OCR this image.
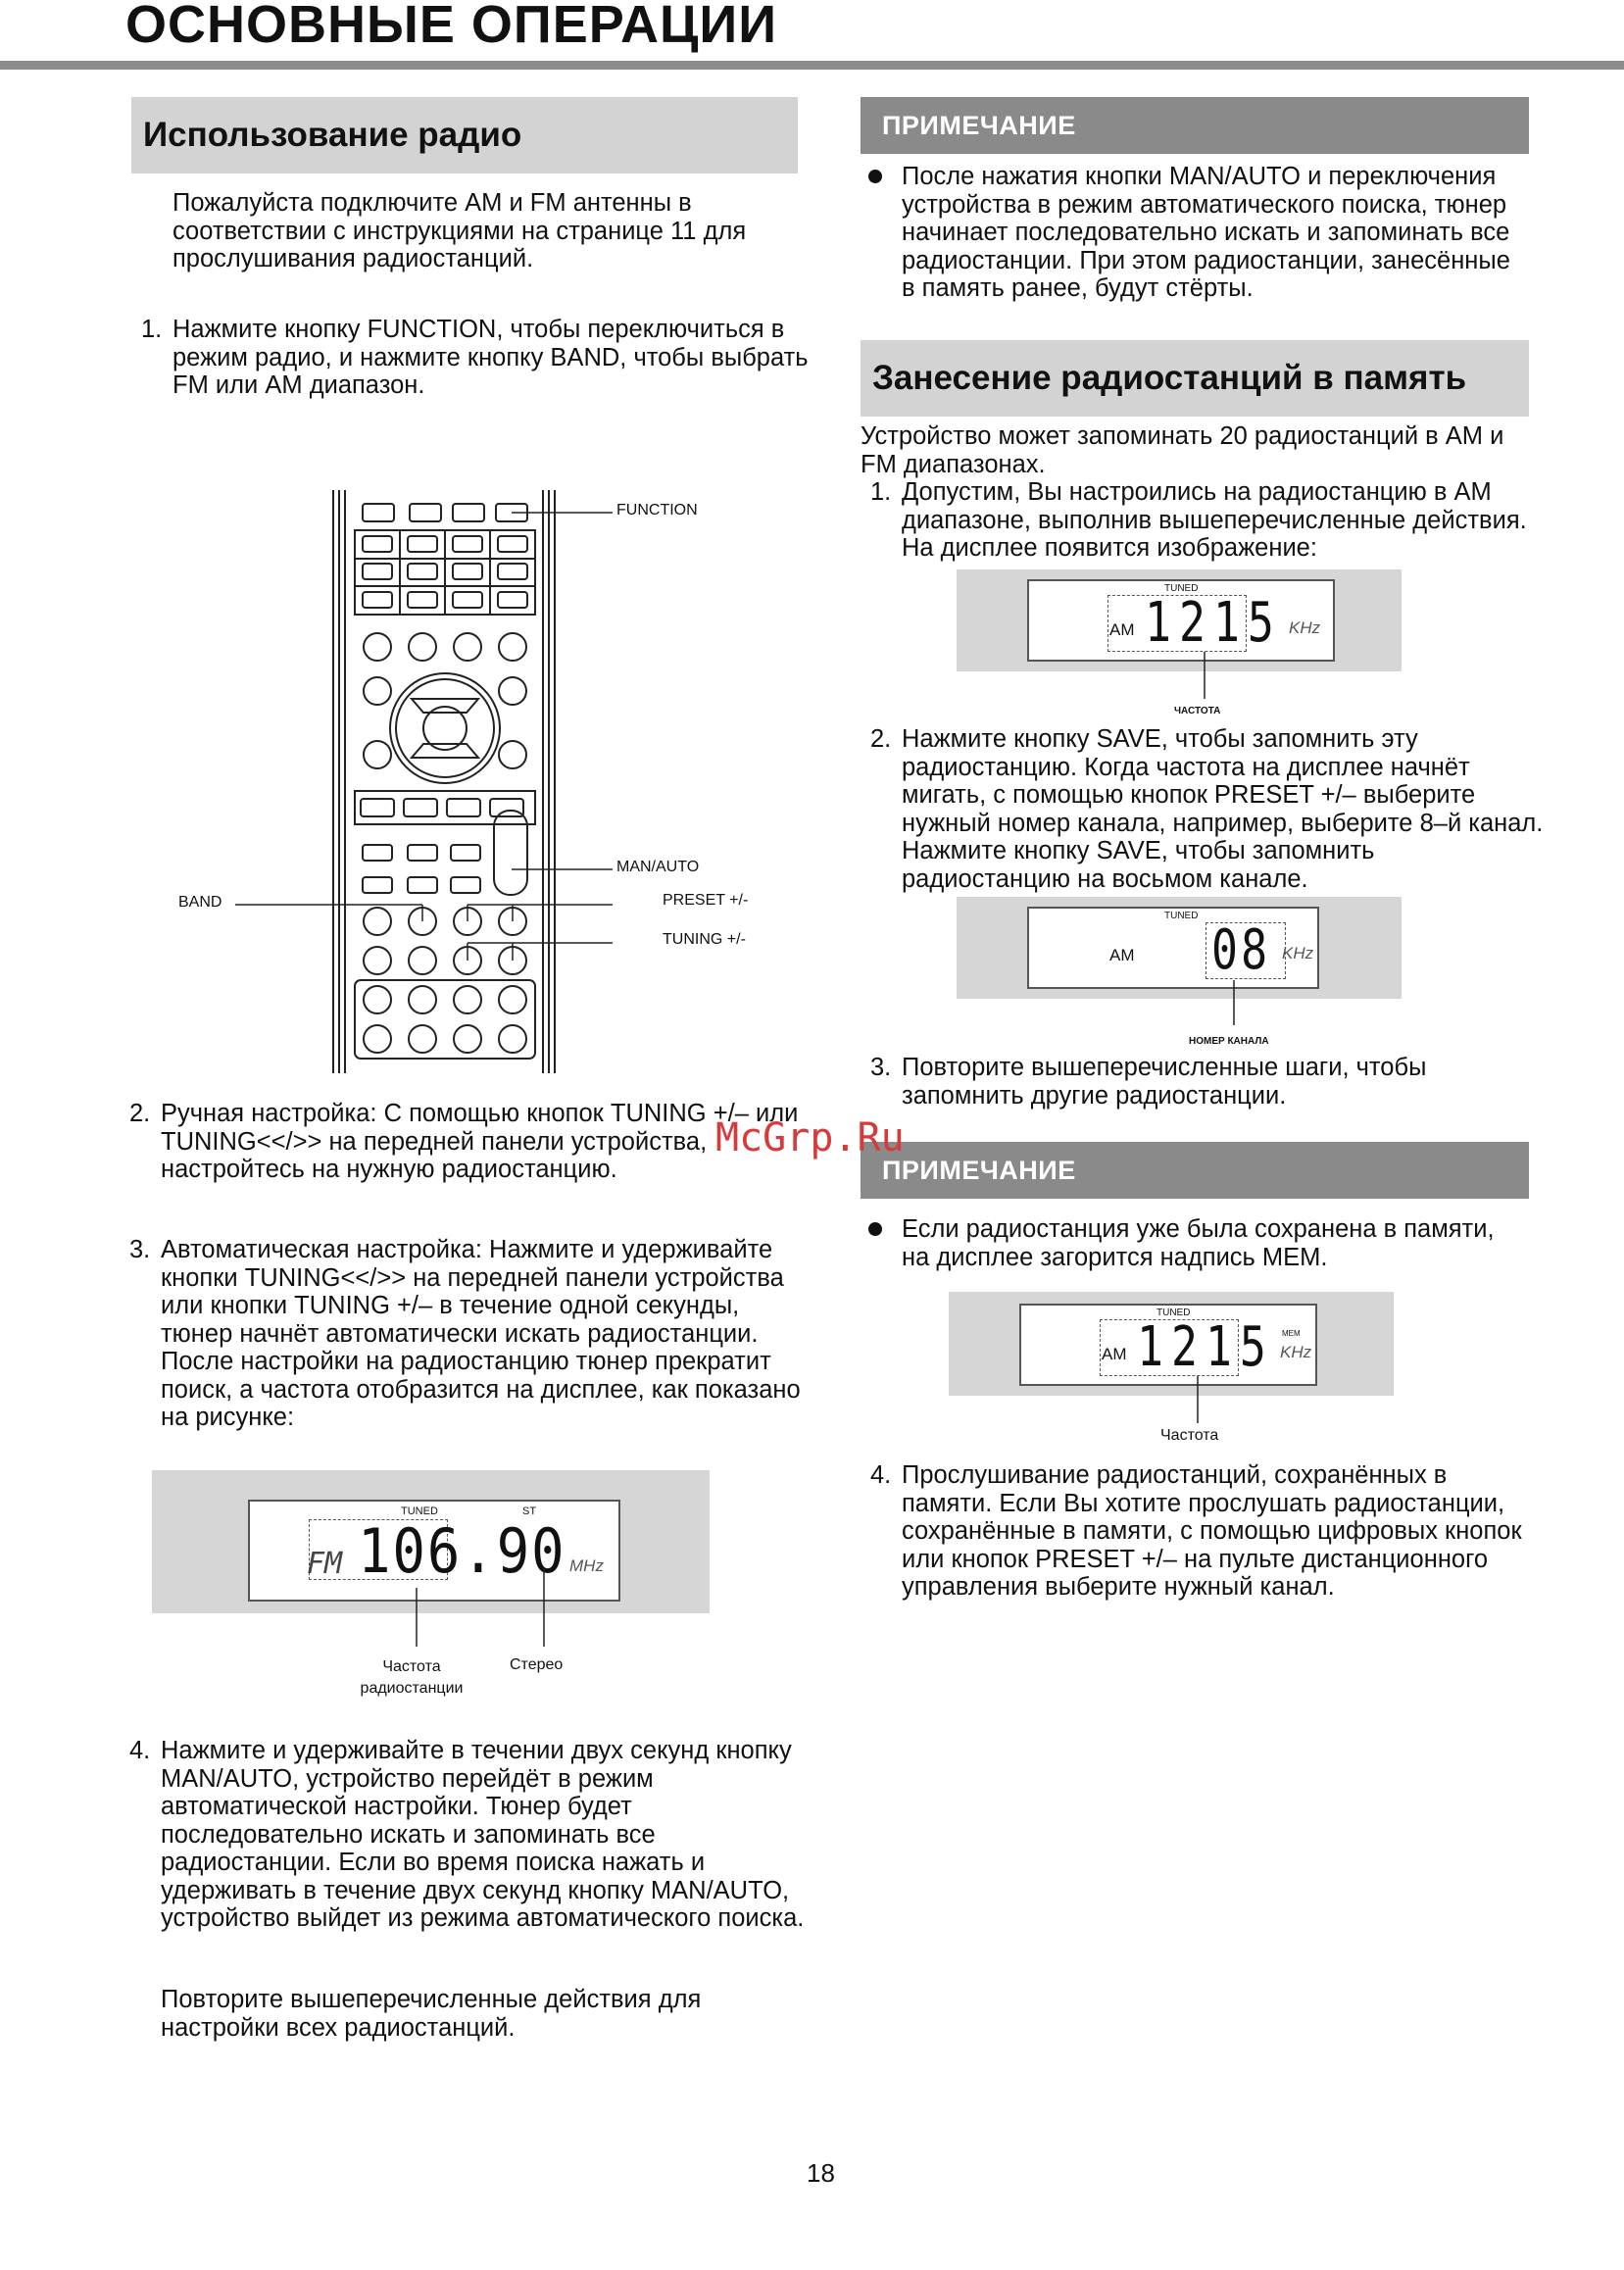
ОСНОВНЫЕ ОПЕРАЦИИ
Использование радио
Пожалуйста подключите AM и FM антенны в соответствии с инструкциями на странице 11 для прослушивания радиостанций.
1. Нажмите кнопку FUNCTION, чтобы переключиться в режим радио, и нажмите кнопку BAND, чтобы выбрать FM или AM диапазон.
FUNCTION
MAN/AUTO
BAND	PRESET +/-
TUNING +/-
2. Ручная настройка: С помощью кнопок TUNING +/– или TUNING<</>> на передней панели устройства, настройтесь на нужную радиостанцию.
3. Автоматическая настройка: Нажмите и удерживайте кнопки TUNING<</>> на передней панели устройства или кнопки TUNING +/– в течение одной секунды, тюнер начнёт автоматически искать радиостанции. После настройки на радиостанцию тюнер прекратит поиск, а частота отобразится на дисплее, как показано на рисунке:
TUNED	ST
FM 106.90 MHz
Частота радиостанции
Стерео
4. Нажмите и удерживайте в течении двух секунд кнопку MAN/AUTO, устройство перейдёт в режим автоматической настройки. Тюнер будет последовательно искать и запоминать все радиостанции. Если во время поиска нажать и удерживать в течение двух секунд кнопку MAN/AUTO, устройство выйдет из режима автоматического поиска.
Повторите вышеперечисленные действия для настройки всех радиостанций.
ПРИМЕЧАНИЕ
После нажатия кнопки MAN/AUTO и переключения устройства в режим автоматического поиска, тюнер начинает последовательно искать и запоминать все радиостанции. При этом радиостанции, занесённые в память ранее, будут стёрты.
Занесение радиостанций в память
Устройство может запоминать 20 радиостанций в AM и FM диапазонах.
1. Допустим, Вы настроились на радиостанцию в AM диапазоне, выполнив вышеперечисленные действия. На дисплее появится изображение:
TUNED
AM 1215 KHz
ЧАСТОТА
2. Нажмите кнопку SAVE, чтобы запомнить эту радиостанцию. Когда частота на дисплее начнёт мигать, с помощью кнопок PRESET +/– выберите нужный номер канала, например, выберите 8–й канал. Нажмите кнопку SAVE, чтобы запомнить радиостанцию на восьмом канале.
TUNED
AM 08 KHz
НОМЕР КАНАЛА
3. Повторите вышеперечисленные шаги, чтобы запомнить другие радиостанции.
ПРИМЕЧАНИЕ
Если радиостанция уже была сохранена в памяти, на дисплее загорится надпись MEM.
TUNED
AM 1215 MEM
KHz
Частота
4. Прослушивание радиостанций, сохранённых в памяти. Если Вы хотите прослушать радиостанции, сохранённые в памяти, с помощью цифровых кнопок или кнопок PRESET +/– на пульте дистанционного управления выберите нужный канал.
McGrp.Ru
18
